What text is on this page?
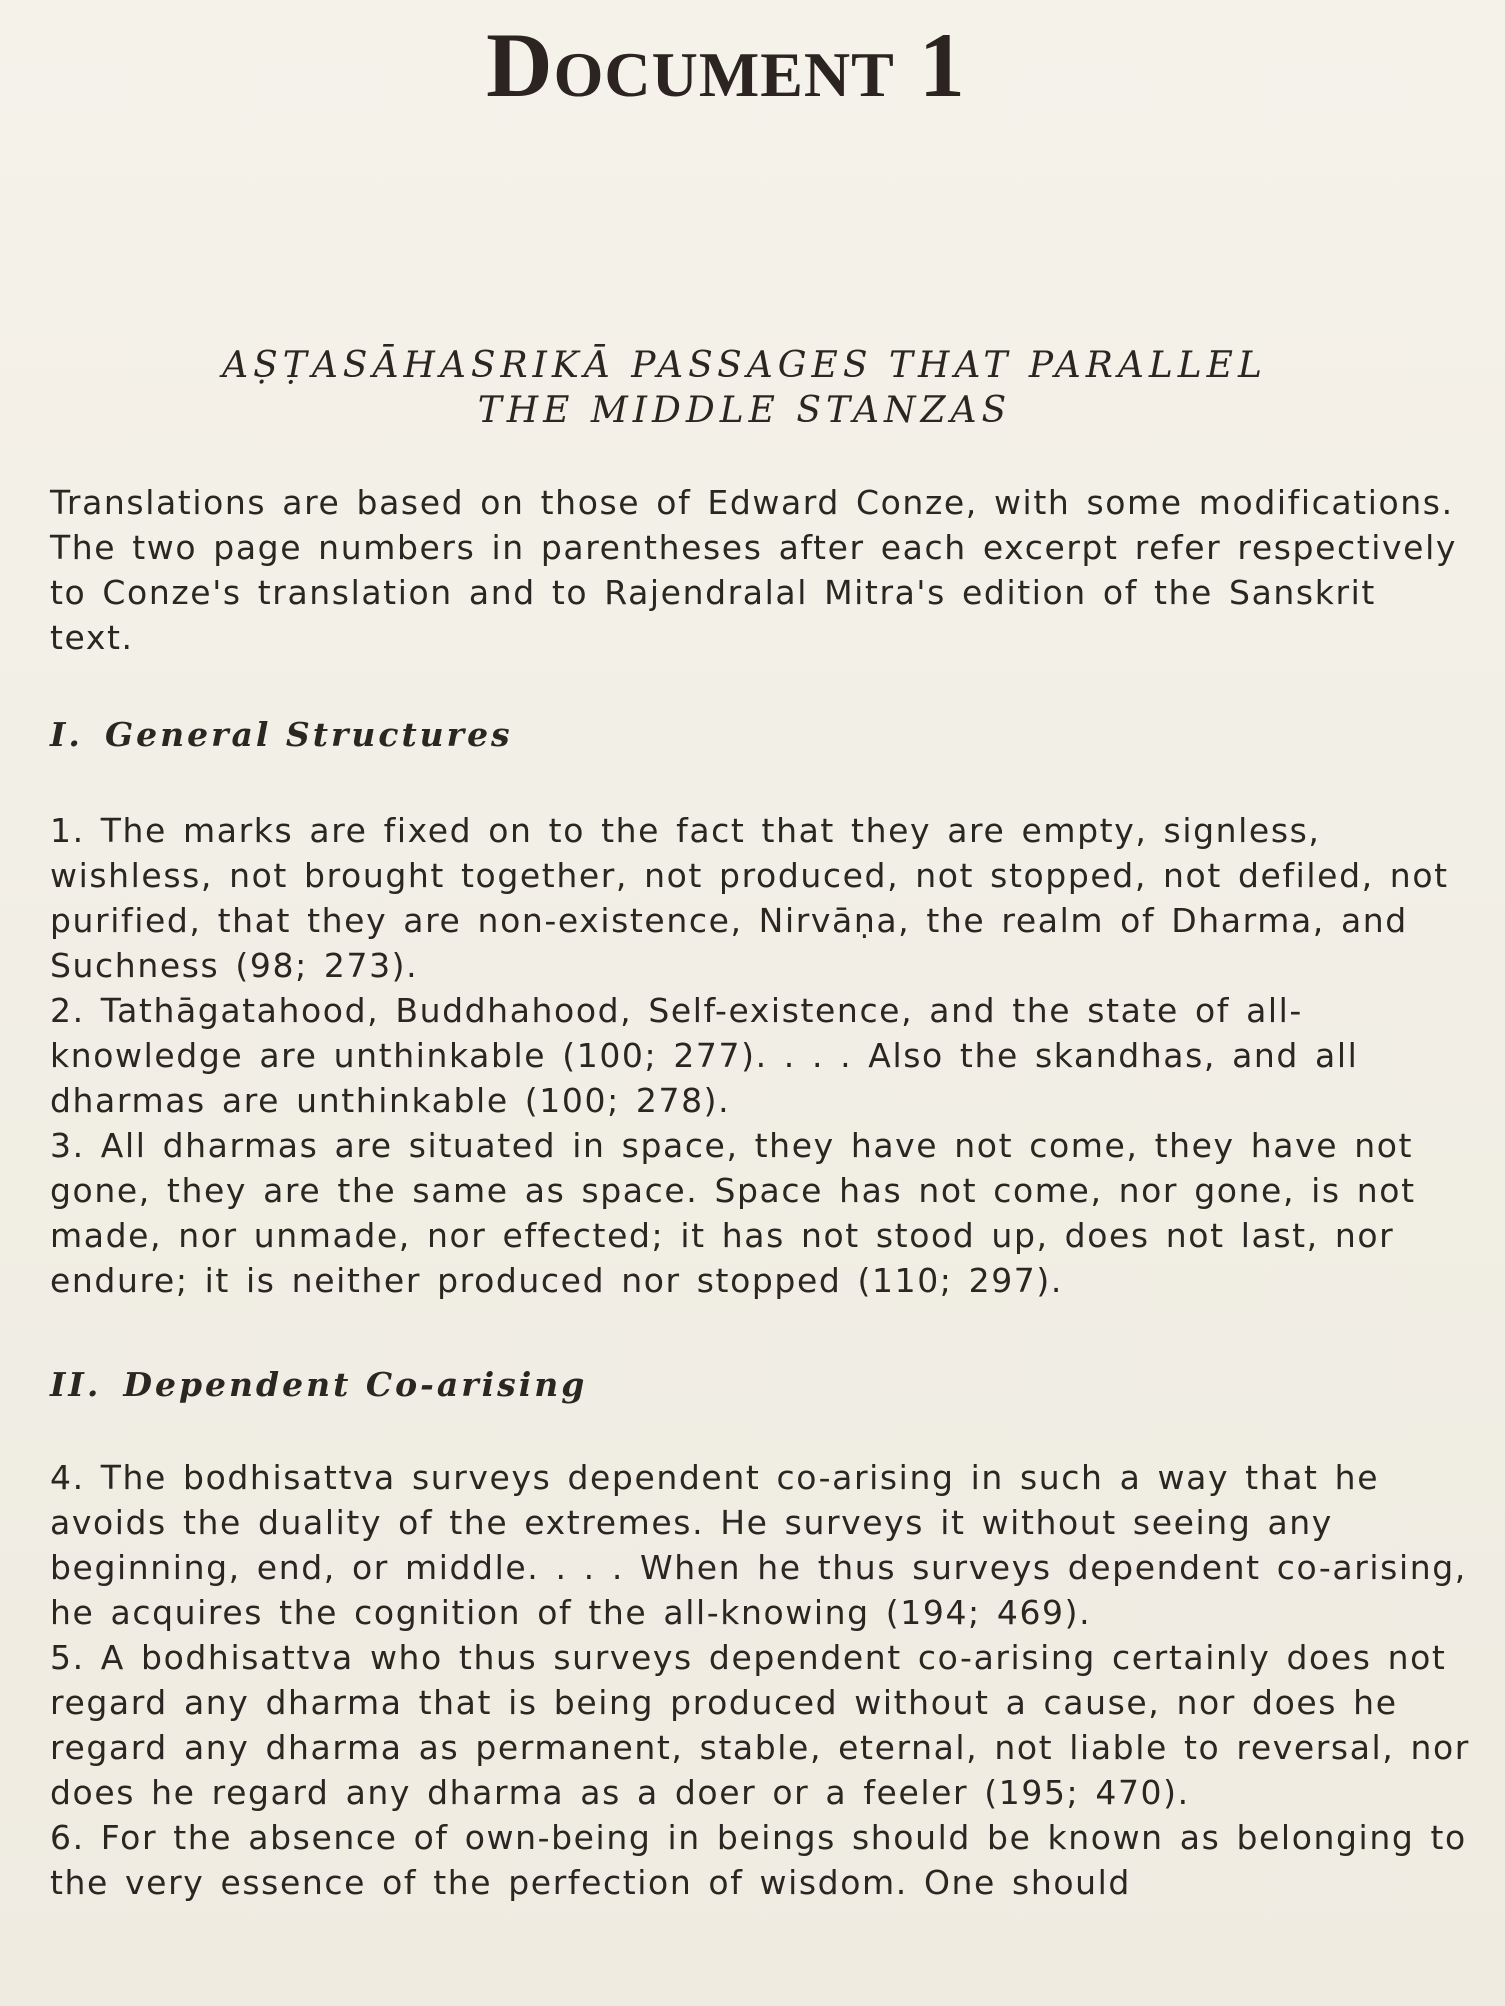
Document 1

AṢṬASĀHASRIKĀ PASSAGES THAT PARALLEL

THE MIDDLE STANZAS

Translations are based on those of Edward Conze, with some modifications. The two page numbers in parentheses after each excerpt refer respectively to Conze's translation and to Rajendralal Mitra's edition of the Sanskrit text.

I. General Structures

1. The marks are fixed on to the fact that they are empty, signless, wishless, not brought together, not produced, not stopped, not defiled, not purified, that they are non-existence, Nirvāṇa, the realm of Dharma, and Suchness (98; 273).

2. Tathāgatahood, Buddhahood, Self-existence, and the state of all-knowledge are unthinkable (100; 277). . . . Also the skandhas, and all dharmas are unthinkable (100; 278).

3. All dharmas are situated in space, they have not come, they have not gone, they are the same as space. Space has not come, nor gone, is not made, nor unmade, nor effected; it has not stood up, does not last, nor endure; it is neither produced nor stopped (110; 297).

II. Dependent Co-arising

4. The bodhisattva surveys dependent co-arising in such a way that he avoids the duality of the extremes. He surveys it without seeing any beginning, end, or middle. . . . When he thus surveys dependent co-arising, he acquires the cognition of the all-knowing (194; 469).

5. A bodhisattva who thus surveys dependent co-arising certainly does not regard any dharma that is being produced without a cause, nor does he regard any dharma as permanent, stable, eternal, not liable to reversal, nor does he regard any dharma as a doer or a feeler (195; 470).

6. For the absence of own-being in beings should be known as belonging to the very essence of the perfection of wisdom. One should
